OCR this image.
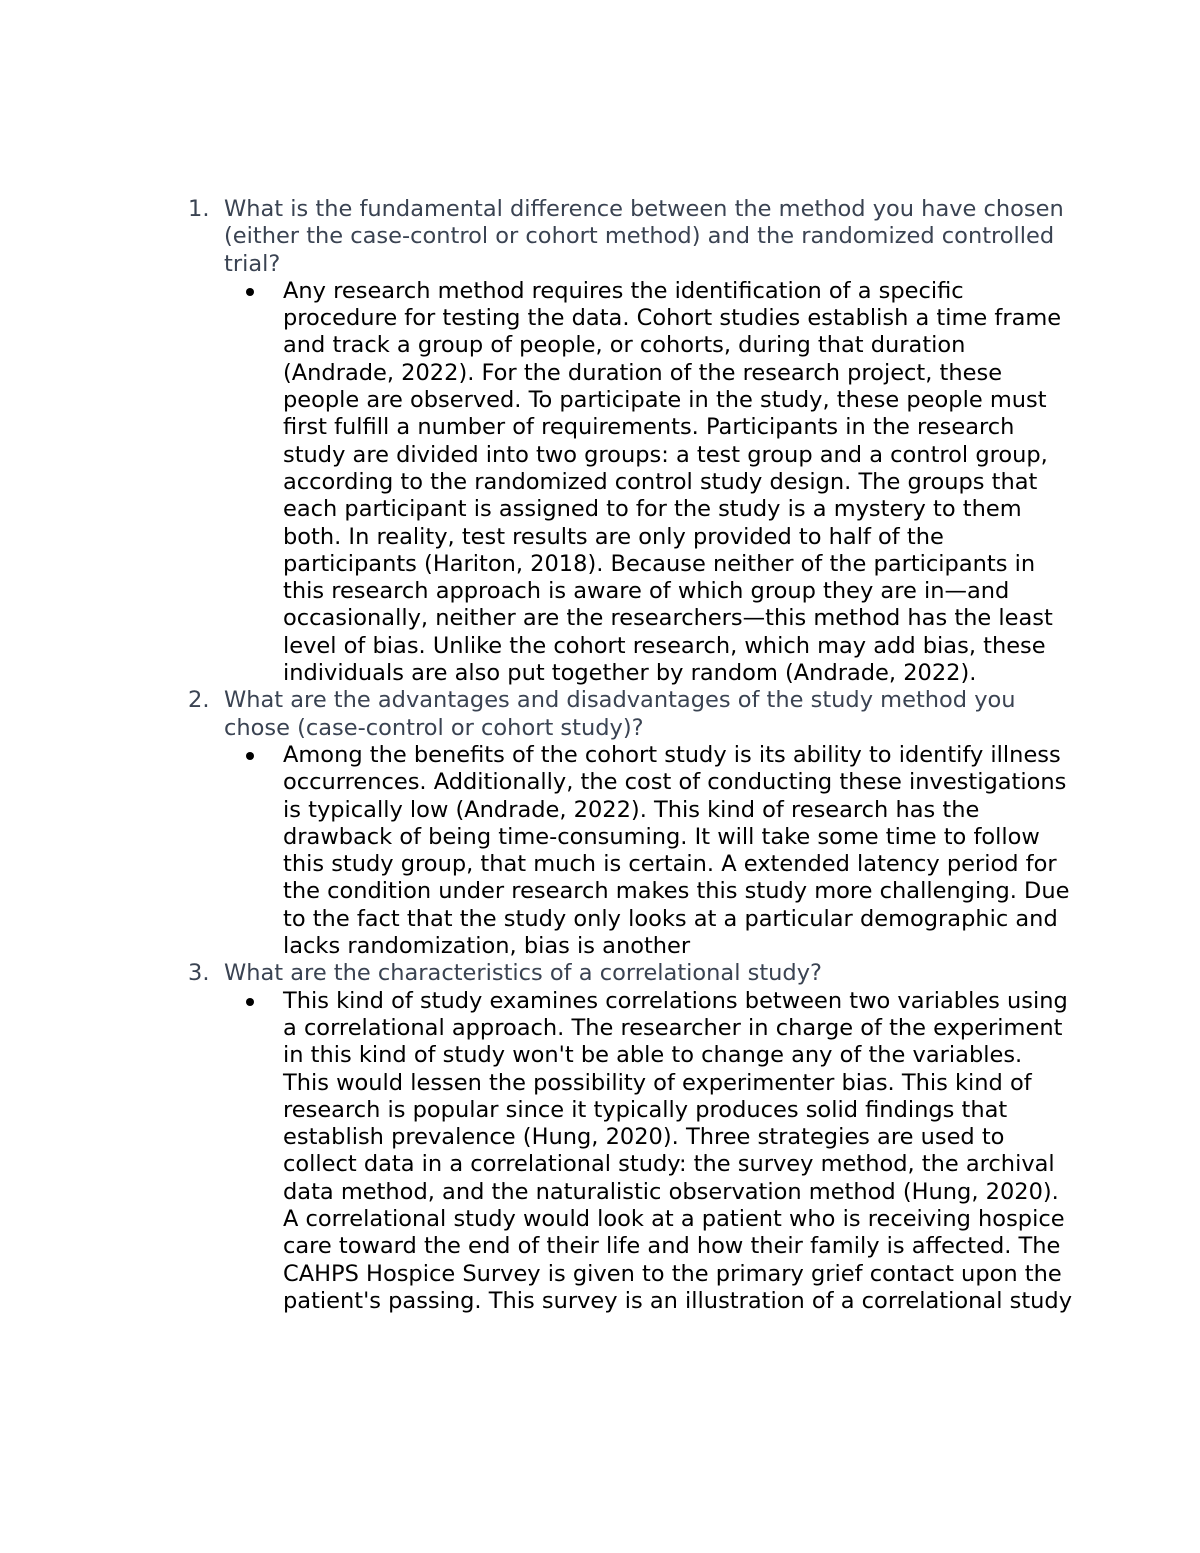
1. What is the fundamental difference between the method you have chosen (either the case-control or cohort method) and the randomized controlled trial?
Any research method requires the identification of a specific procedure for testing the data. Cohort studies establish a time frame and track a group of people, or cohorts, during that duration (Andrade, 2022). For the duration of the research project, these people are observed. To participate in the study, these people must first fulfill a number of requirements. Participants in the research study are divided into two groups: a test group and a control group, according to the randomized control study design. The groups that each participant is assigned to for the study is a mystery to them both. In reality, test results are only provided to half of the participants (Hariton, 2018). Because neither of the participants in this research approach is aware of which group they are in—and occasionally, neither are the researchers—this method has the least level of bias. Unlike the cohort research, which may add bias, these individuals are also put together by random (Andrade, 2022).
2. What are the advantages and disadvantages of the study method you chose (case-control or cohort study)?
Among the benefits of the cohort study is its ability to identify illness occurrences. Additionally, the cost of conducting these investigations is typically low (Andrade, 2022). This kind of research has the drawback of being time-consuming. It will take some time to follow this study group, that much is certain. A extended latency period for the condition under research makes this study more challenging. Due to the fact that the study only looks at a particular demographic and lacks randomization, bias is another
3. What are the characteristics of a correlational study?
This kind of study examines correlations between two variables using a correlational approach. The researcher in charge of the experiment in this kind of study won't be able to change any of the variables. This would lessen the possibility of experimenter bias. This kind of research is popular since it typically produces solid findings that establish prevalence (Hung, 2020). Three strategies are used to collect data in a correlational study: the survey method, the archival data method, and the naturalistic observation method (Hung, 2020). A correlational study would look at a patient who is receiving hospice care toward the end of their life and how their family is affected. The CAHPS Hospice Survey is given to the primary grief contact upon the patient's passing. This survey is an illustration of a correlational study
